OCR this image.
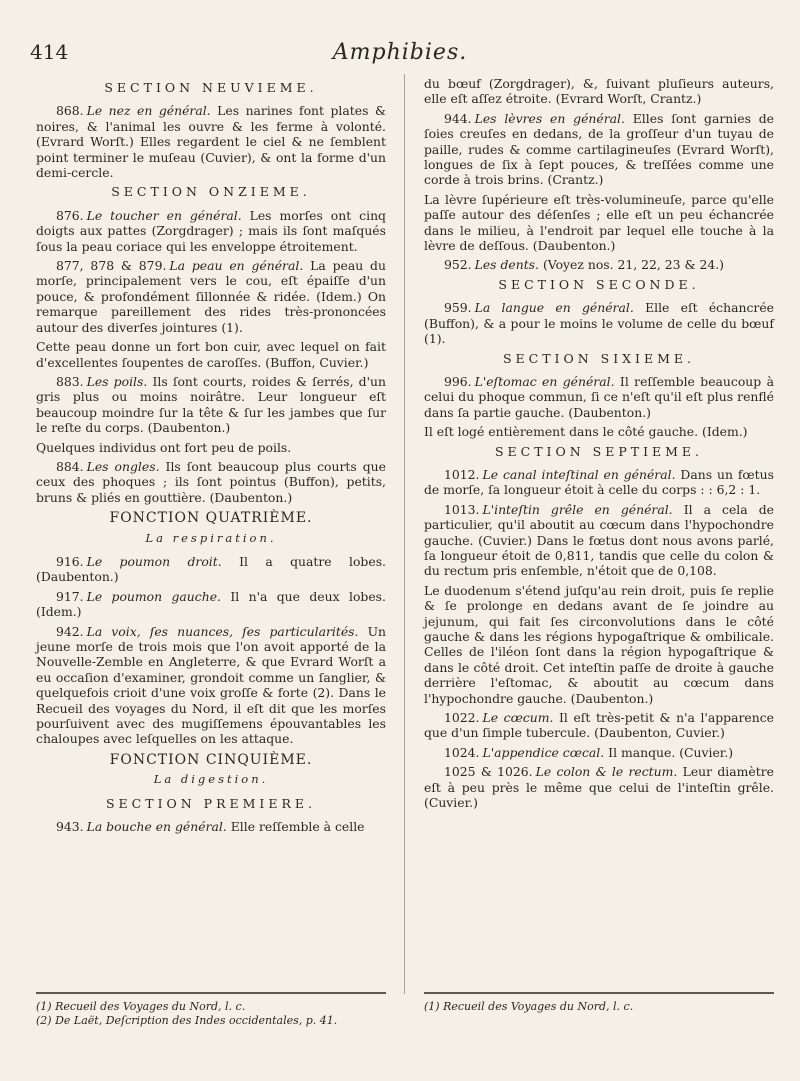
414	Amphibies.
SECTION NEUVIEME.

868. Le nez en général. Les narines font plates & noires, & l'animal les ouvre & les ferme à volonté. (Evrard Worſt.) Elles regardent le ciel & ne ſemblent point terminer le muſeau (Cuvier), & ont la forme d'un demi-cercle.

SECTION ONZIEME.

876. Le toucher en général. Les morſes ont cinq doigts aux pattes (Zorgdrager) ; mais ils ſont maſqués ſous la peau coriace qui les enveloppe étroitement.

877, 878 & 879. La peau en général. La peau du morſe, principalement vers le cou, eſt épaiſſe d'un pouce, & profondément ſillonnée & ridée. (Idem.) On remarque pareillement des rides très-prononcées autour des diverſes jointures (1).

Cette peau donne un fort bon cuir, avec lequel on fait d'excellentes ſoupentes de caroſſes. (Buffon, Cuvier.)

883. Les poils. Ils ſont courts, roides & ſerrés, d'un gris plus ou moins noirâtre. Leur longueur eſt beaucoup moindre ſur la tête & ſur les jambes que ſur le reſte du corps. (Daubenton.)

Quelques individus ont fort peu de poils.

884. Les ongles. Ils ſont beaucoup plus courts que ceux des phoques ; ils ſont pointus (Buffon), petits, bruns & pliés en gouttière. (Daubenton.)

FONCTION QUATRIÈME.
La respiration.

916. Le poumon droit. Il a quatre lobes. (Daubenton.)

917. Le poumon gauche. Il n'a que deux lobes. (Idem.)

942. La voix, ſes nuances, ſes particularités. Un jeune morſe de trois mois que l'on avoit apporté de la Nouvelle-Zemble en Angleterre, & que Evrard Worſt a eu occaſion d'examiner, grondoit comme un ſanglier, & quelquefois crioit d'une voix groſſe & forte (2). Dans le Recueil des voyages du Nord, il eſt dit que les morſes pourſuivent avec des mugiſſemens épouvantables les chaloupes avec leſquelles on les attaque.

FONCTION CINQUIÈME.
La digestion.
SECTION PREMIERE.

943. La bouche en général. Elle reſſemble à celle

du bœuf (Zorgdrager), &, ſuivant pluſieurs auteurs, elle eſt aſſez étroite. (Evrard Worſt, Crantz.)

944. Les lèvres en général. Elles ſont garnies de ſoies creuſes en dedans, de la groſſeur d'un tuyau de paille, rudes & comme cartilagineuſes (Evrard Worſt), longues de ſix à ſept pouces, & treſſées comme une corde à trois brins. (Crantz.)

La lèvre ſupérieure eſt très-volumineuſe, parce qu'elle paſſe autour des déſenſes ; elle eſt un peu échancrée dans le milieu, à l'endroit par lequel elle touche à la lèvre de deſſous. (Daubenton.)

952. Les dents. (Voyez nos. 21, 22, 23 & 24.)

SECTION SECONDE.

959. La langue en général. Elle eſt échancrée (Buffon), & a pour le moins le volume de celle du bœuf (1).

SECTION SIXIEME.

996. L'eſtomac en général. Il reſſemble beaucoup à celui du phoque commun, ſi ce n'eſt qu'il eſt plus renflé dans ſa partie gauche. (Daubenton.)

Il eſt logé entièrement dans le côté gauche. (Idem.)

SECTION SEPTIEME.

1012. Le canal inteſtinal en général. Dans un fœtus de morſe, ſa longueur étoit à celle du corps : : 6,2 : 1.

1013. L'inteſtin grêle en général. Il a cela de particulier, qu'il aboutit au cœcum dans l'hypochondre gauche. (Cuvier.) Dans le fœtus dont nous avons parlé, ſa longueur étoit de 0,811, tandis que celle du colon & du rectum pris enſemble, n'étoit que de 0,108.

Le duodenum s'étend juſqu'au rein droit, puis ſe replie & ſe prolonge en dedans avant de ſe joindre au jejunum, qui fait ſes circonvolutions dans le côté gauche & dans les régions hypogaſtrique & ombilicale. Celles de l'iléon ſont dans la région hypogaſtrique & dans le côté droit. Cet inteſtin paſſe de droite à gauche derrière l'eſtomac, & aboutit au cœcum dans l'hypochondre gauche. (Daubenton.)

1022. Le cœcum. Il eſt très-petit & n'a l'apparence que d'un ſimple tubercule. (Daubenton, Cuvier.)

1024. L'appendice cœcal. Il manque. (Cuvier.)

1025 & 1026. Le colon & le rectum. Leur diamètre eſt à peu près le même que celui de l'inteſtin grêle. (Cuvier.)

(1) Recueil des Voyages du Nord, l. c.
(2) De Laët, Deſcription des Indes occidentales, p. 41.
(1) Recueil des Voyages du Nord, l. c.
